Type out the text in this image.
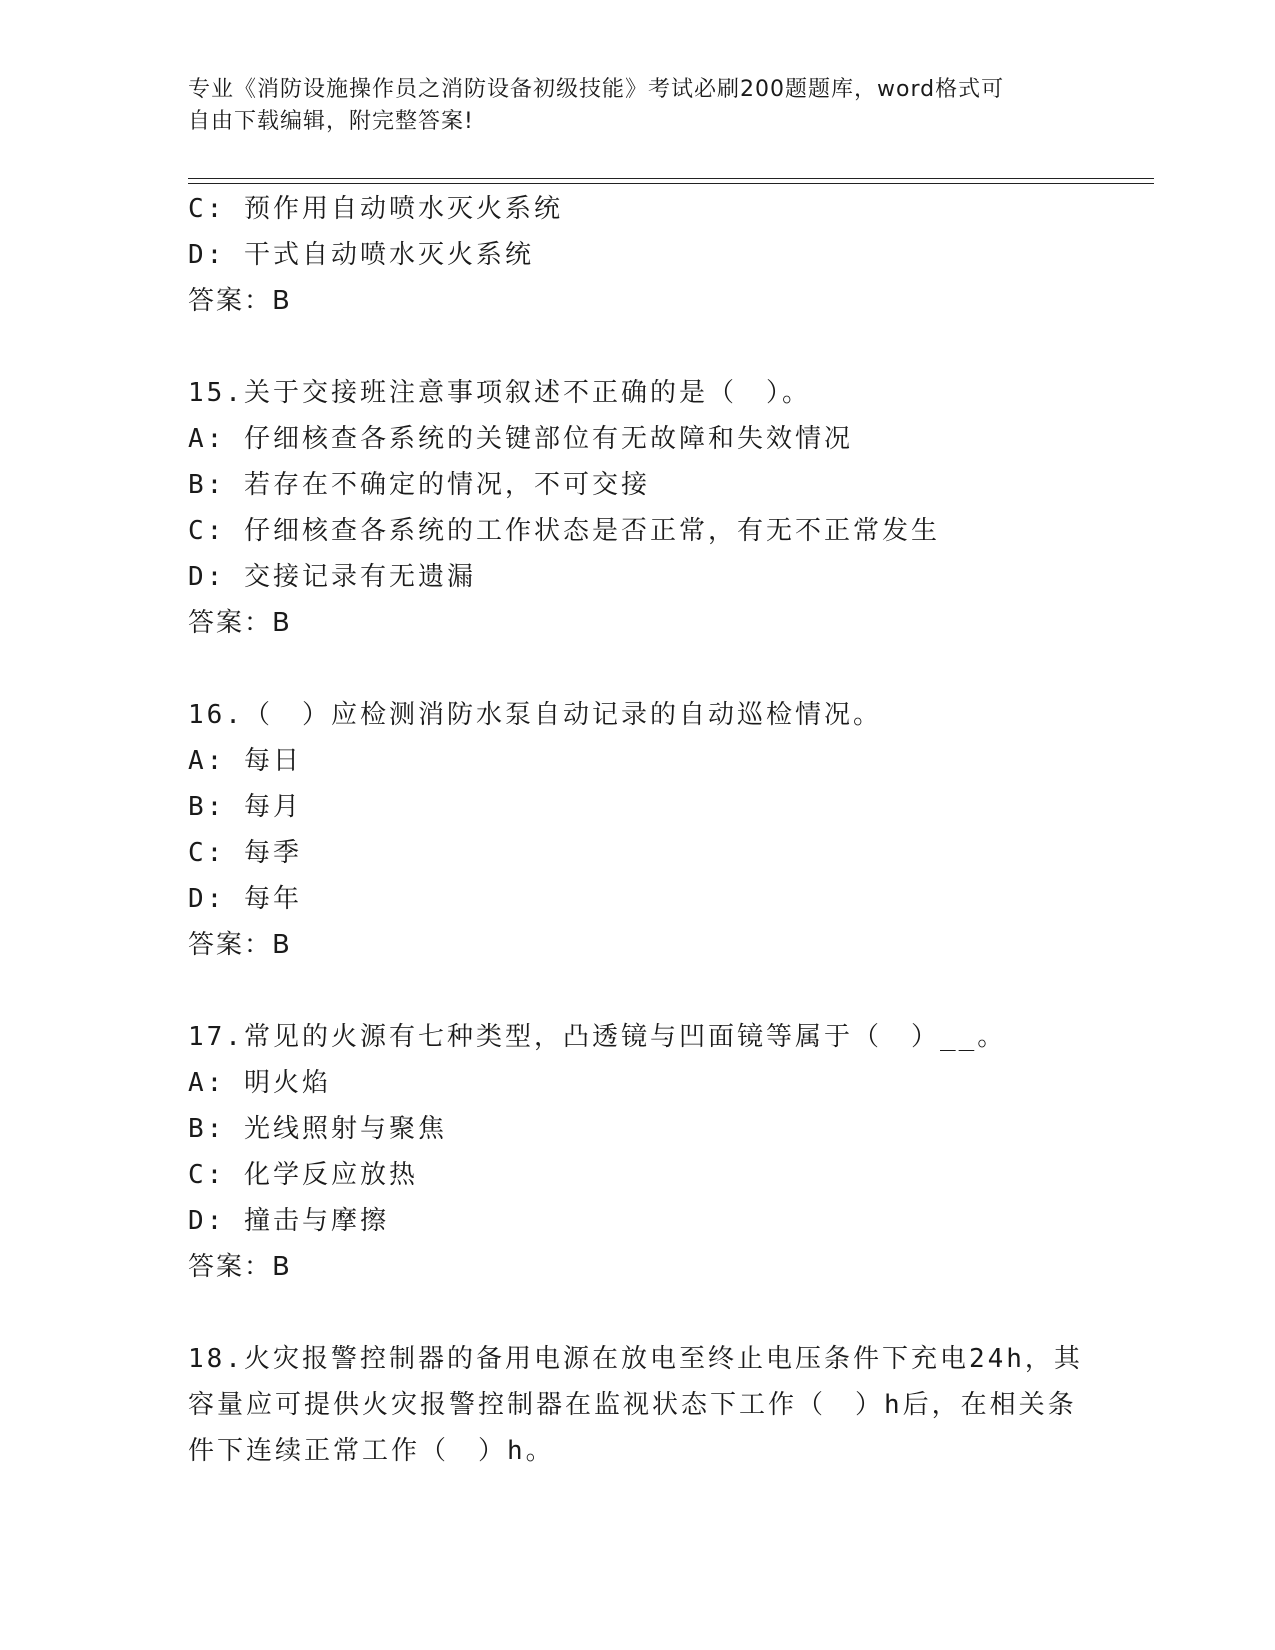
专业《消防设施操作员之消防设备初级技能》考试必刷200题题库，word格式可
自由下载编辑，附完整答案!
C: 预作用自动喷水灭火系统
D: 干式自动喷水灭火系统
答案：B
15.关于交接班注意事项叙述不正确的是（　）。
A: 仔细核查各系统的关键部位有无故障和失效情况
B: 若存在不确定的情况，不可交接
C: 仔细核查各系统的工作状态是否正常，有无不正常发生
D: 交接记录有无遗漏
答案：B
16.（　）应检测消防水泵自动记录的自动巡检情况。
A: 每日
B: 每月
C: 每季
D: 每年
答案：B
17.常见的火源有七种类型，凸透镜与凹面镜等属于（　）__。
A: 明火焰
B: 光线照射与聚焦
C: 化学反应放热
D: 撞击与摩擦
答案：B
18.火灾报警控制器的备用电源在放电至终止电压条件下充电24h，其
容量应可提供火灾报警控制器在监视状态下工作（　）h后，在相关条
件下连续正常工作（　）h。
